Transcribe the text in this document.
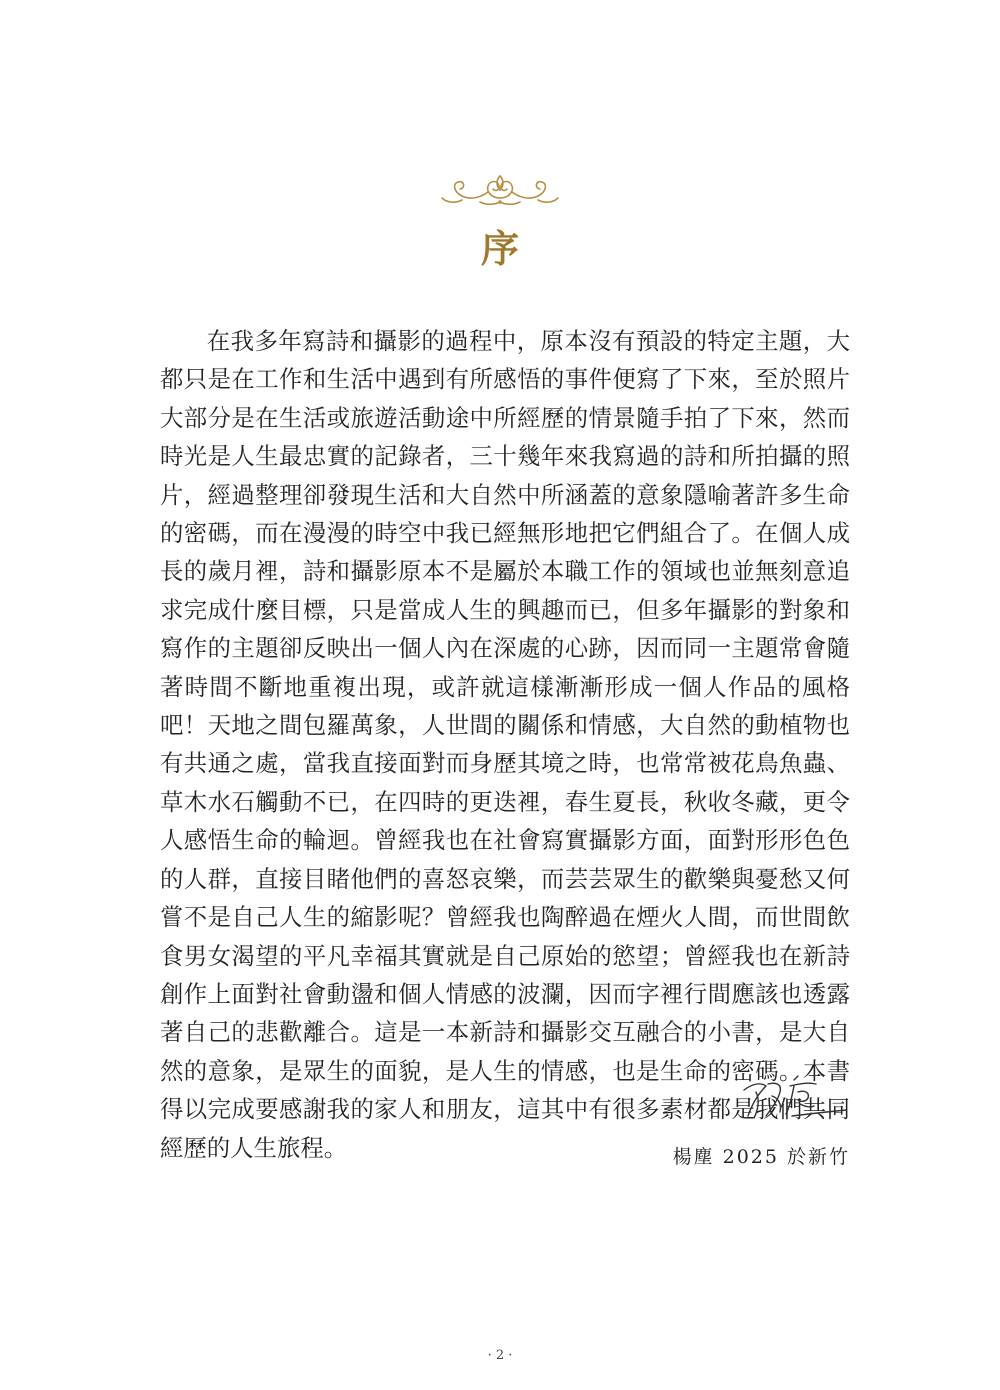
序

在我多年寫詩和攝影的過程中，原本沒有預設的特定主題，大都只是在工作和生活中遇到有所感悟的事件便寫了下來，至於照片大部分是在生活或旅遊活動途中所經歷的情景隨手拍了下來，然而時光是人生最忠實的記錄者，三十幾年來我寫過的詩和所拍攝的照片，經過整理卻發現生活和大自然中所涵蓋的意象隱喻著許多生命的密碼，而在漫漫的時空中我已經無形地把它們組合了。在個人成長的歲月裡，詩和攝影原本不是屬於本職工作的領域也並無刻意追求完成什麼目標，只是當成人生的興趣而已，但多年攝影的對象和寫作的主題卻反映出一個人內在深處的心跡，因而同一主題常會隨著時間不斷地重複出現，或許就這樣漸漸形成一個人作品的風格吧！天地之間包羅萬象，人世間的關係和情感，大自然的動植物也有共通之處，當我直接面對而身歷其境之時，也常常被花鳥魚蟲、草木水石觸動不已，在四時的更迭裡，春生夏長，秋收冬藏，更令人感悟生命的輪迴。曾經我也在社會寫實攝影方面，面對形形色色的人群，直接目睹他們的喜怒哀樂，而芸芸眾生的歡樂與憂愁又何嘗不是自己人生的縮影呢？曾經我也陶醉過在煙火人間，而世間飲食男女渴望的平凡幸福其實就是自己原始的慾望；曾經我也在新詩創作上面對社會動盪和個人情感的波瀾，因而字裡行間應該也透露著自己的悲歡離合。這是一本新詩和攝影交互融合的小書，是大自然的意象，是眾生的面貌，是人生的情感，也是生命的密碼。本書得以完成要感謝我的家人和朋友，這其中有很多素材都是我們共同經歷的人生旅程。	楊塵 2025 於新竹
· 2 ·
